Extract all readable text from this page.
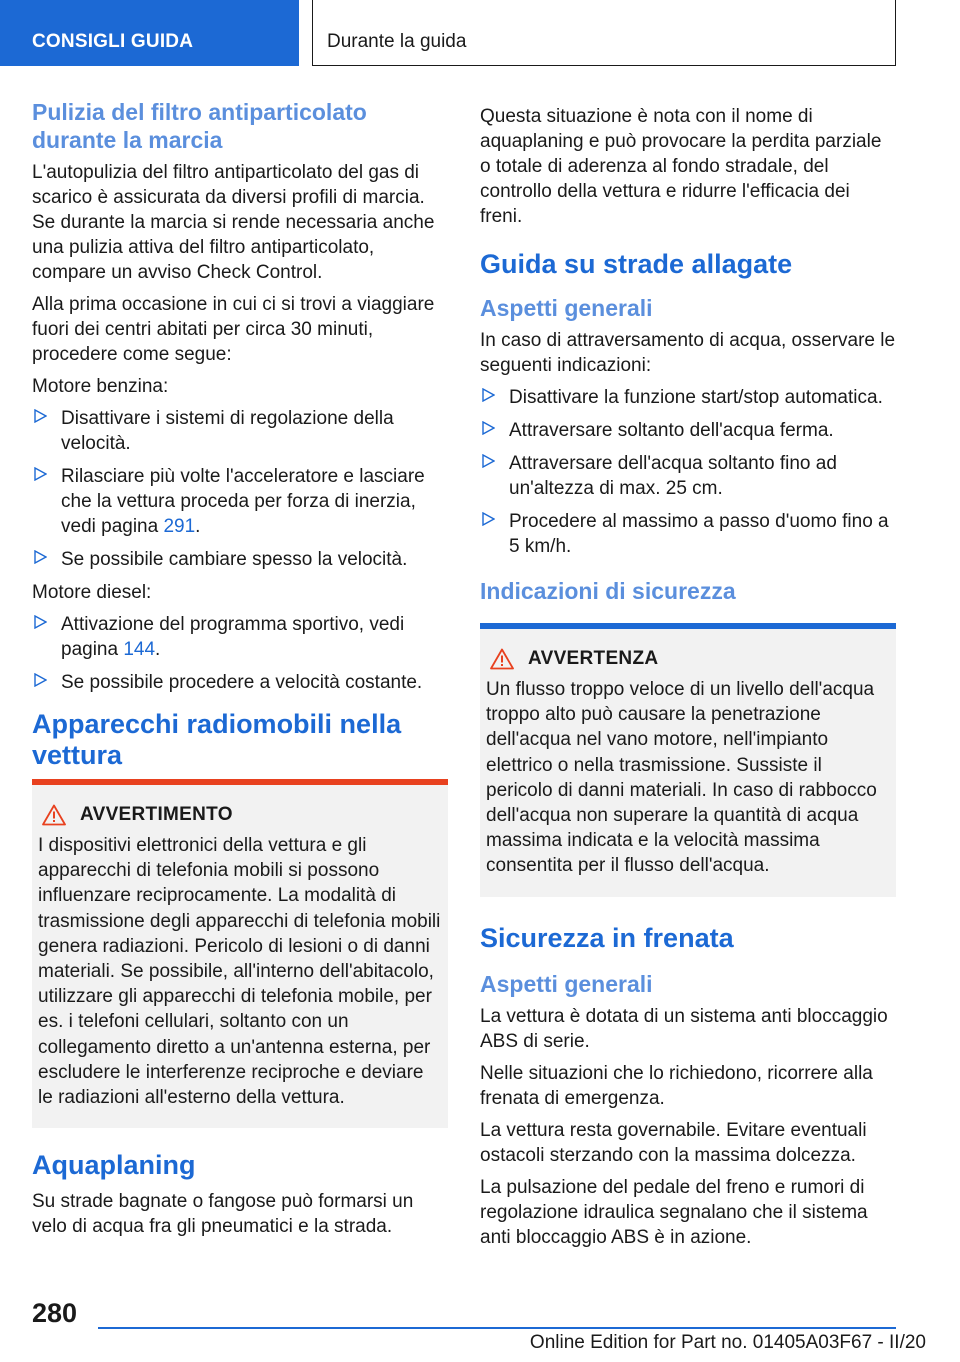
CONSIGLI GUIDA	Durante la guida
Pulizia del filtro antiparticolato durante la marcia

L'autopulizia del filtro antiparticolato del gas di scarico è assicurata da diversi profili di marcia. Se durante la marcia si rende necessaria anche una pulizia attiva del filtro antiparticolato, compare un avviso Check Control.

Alla prima occasione in cui ci si trovi a viaggiare fuori dei centri abitati per circa 30 minuti, procedere come segue:

Motore benzina:

Disattivare i sistemi di regolazione della velocità.
Rilasciare più volte l'acceleratore e lasciare che la vettura proceda per forza di inerzia, vedi pagina 291.
Se possibile cambiare spesso la velocità.

Motore diesel:

Attivazione del programma sportivo, vedi pagina 144.
Se possibile procedere a velocità costante.
Apparecchi radiomobili nella vettura
AVVERTIMENTO

I dispositivi elettronici della vettura e gli apparecchi di telefonia mobili si possono influenzare reciprocamente. La modalità di trasmissione degli apparecchi di telefonia mobili genera radiazioni. Pericolo di lesioni o di danni materiali. Se possibile, all'interno dell'abitacolo, utilizzare gli apparecchi di telefonia mobile, per es. i telefoni cellulari, soltanto con un collegamento diretto a un'antenna esterna, per escludere le interferenze reciproche e deviare le radiazioni all'esterno della vettura.

Aquaplaning

Su strade bagnate o fangose può formarsi un velo di acqua fra gli pneumatici e la strada.

Questa situazione è nota con il nome di aquaplaning e può provocare la perdita parziale o totale di aderenza al fondo stradale, del controllo della vettura e ridurre l'efficacia dei freni.

Guida su strade allagate
Aspetti generali

In caso di attraversamento di acqua, osservare le seguenti indicazioni:

Disattivare la funzione start/stop automatica.
Attraversare soltanto dell'acqua ferma.
Attraversare dell'acqua soltanto fino ad un'altezza di max. 25 cm.
Procedere al massimo a passo d'uomo fino a 5 km/h.
Indicazioni di sicurezza
AVVERTENZA

Un flusso troppo veloce di un livello dell'acqua troppo alto può causare la penetrazione dell'acqua nel vano motore, nell'impianto elettrico o nella trasmissione. Sussiste il pericolo di danni materiali. In caso di rabbocco dell'acqua non superare la quantità di acqua massima indicata e la velocità massima consentita per il flusso dell'acqua.

Sicurezza in frenata
Aspetti generali

La vettura è dotata di un sistema anti bloccaggio ABS di serie.

Nelle situazioni che lo richiedono, ricorrere alla frenata di emergenza.

La vettura resta governabile. Evitare eventuali ostacoli sterzando con la massima dolcezza.

La pulsazione del pedale del freno e rumori di regolazione idraulica segnalano che il sistema anti bloccaggio ABS è in azione.

280
Online Edition for Part no. 01405A03F67 - II/20
